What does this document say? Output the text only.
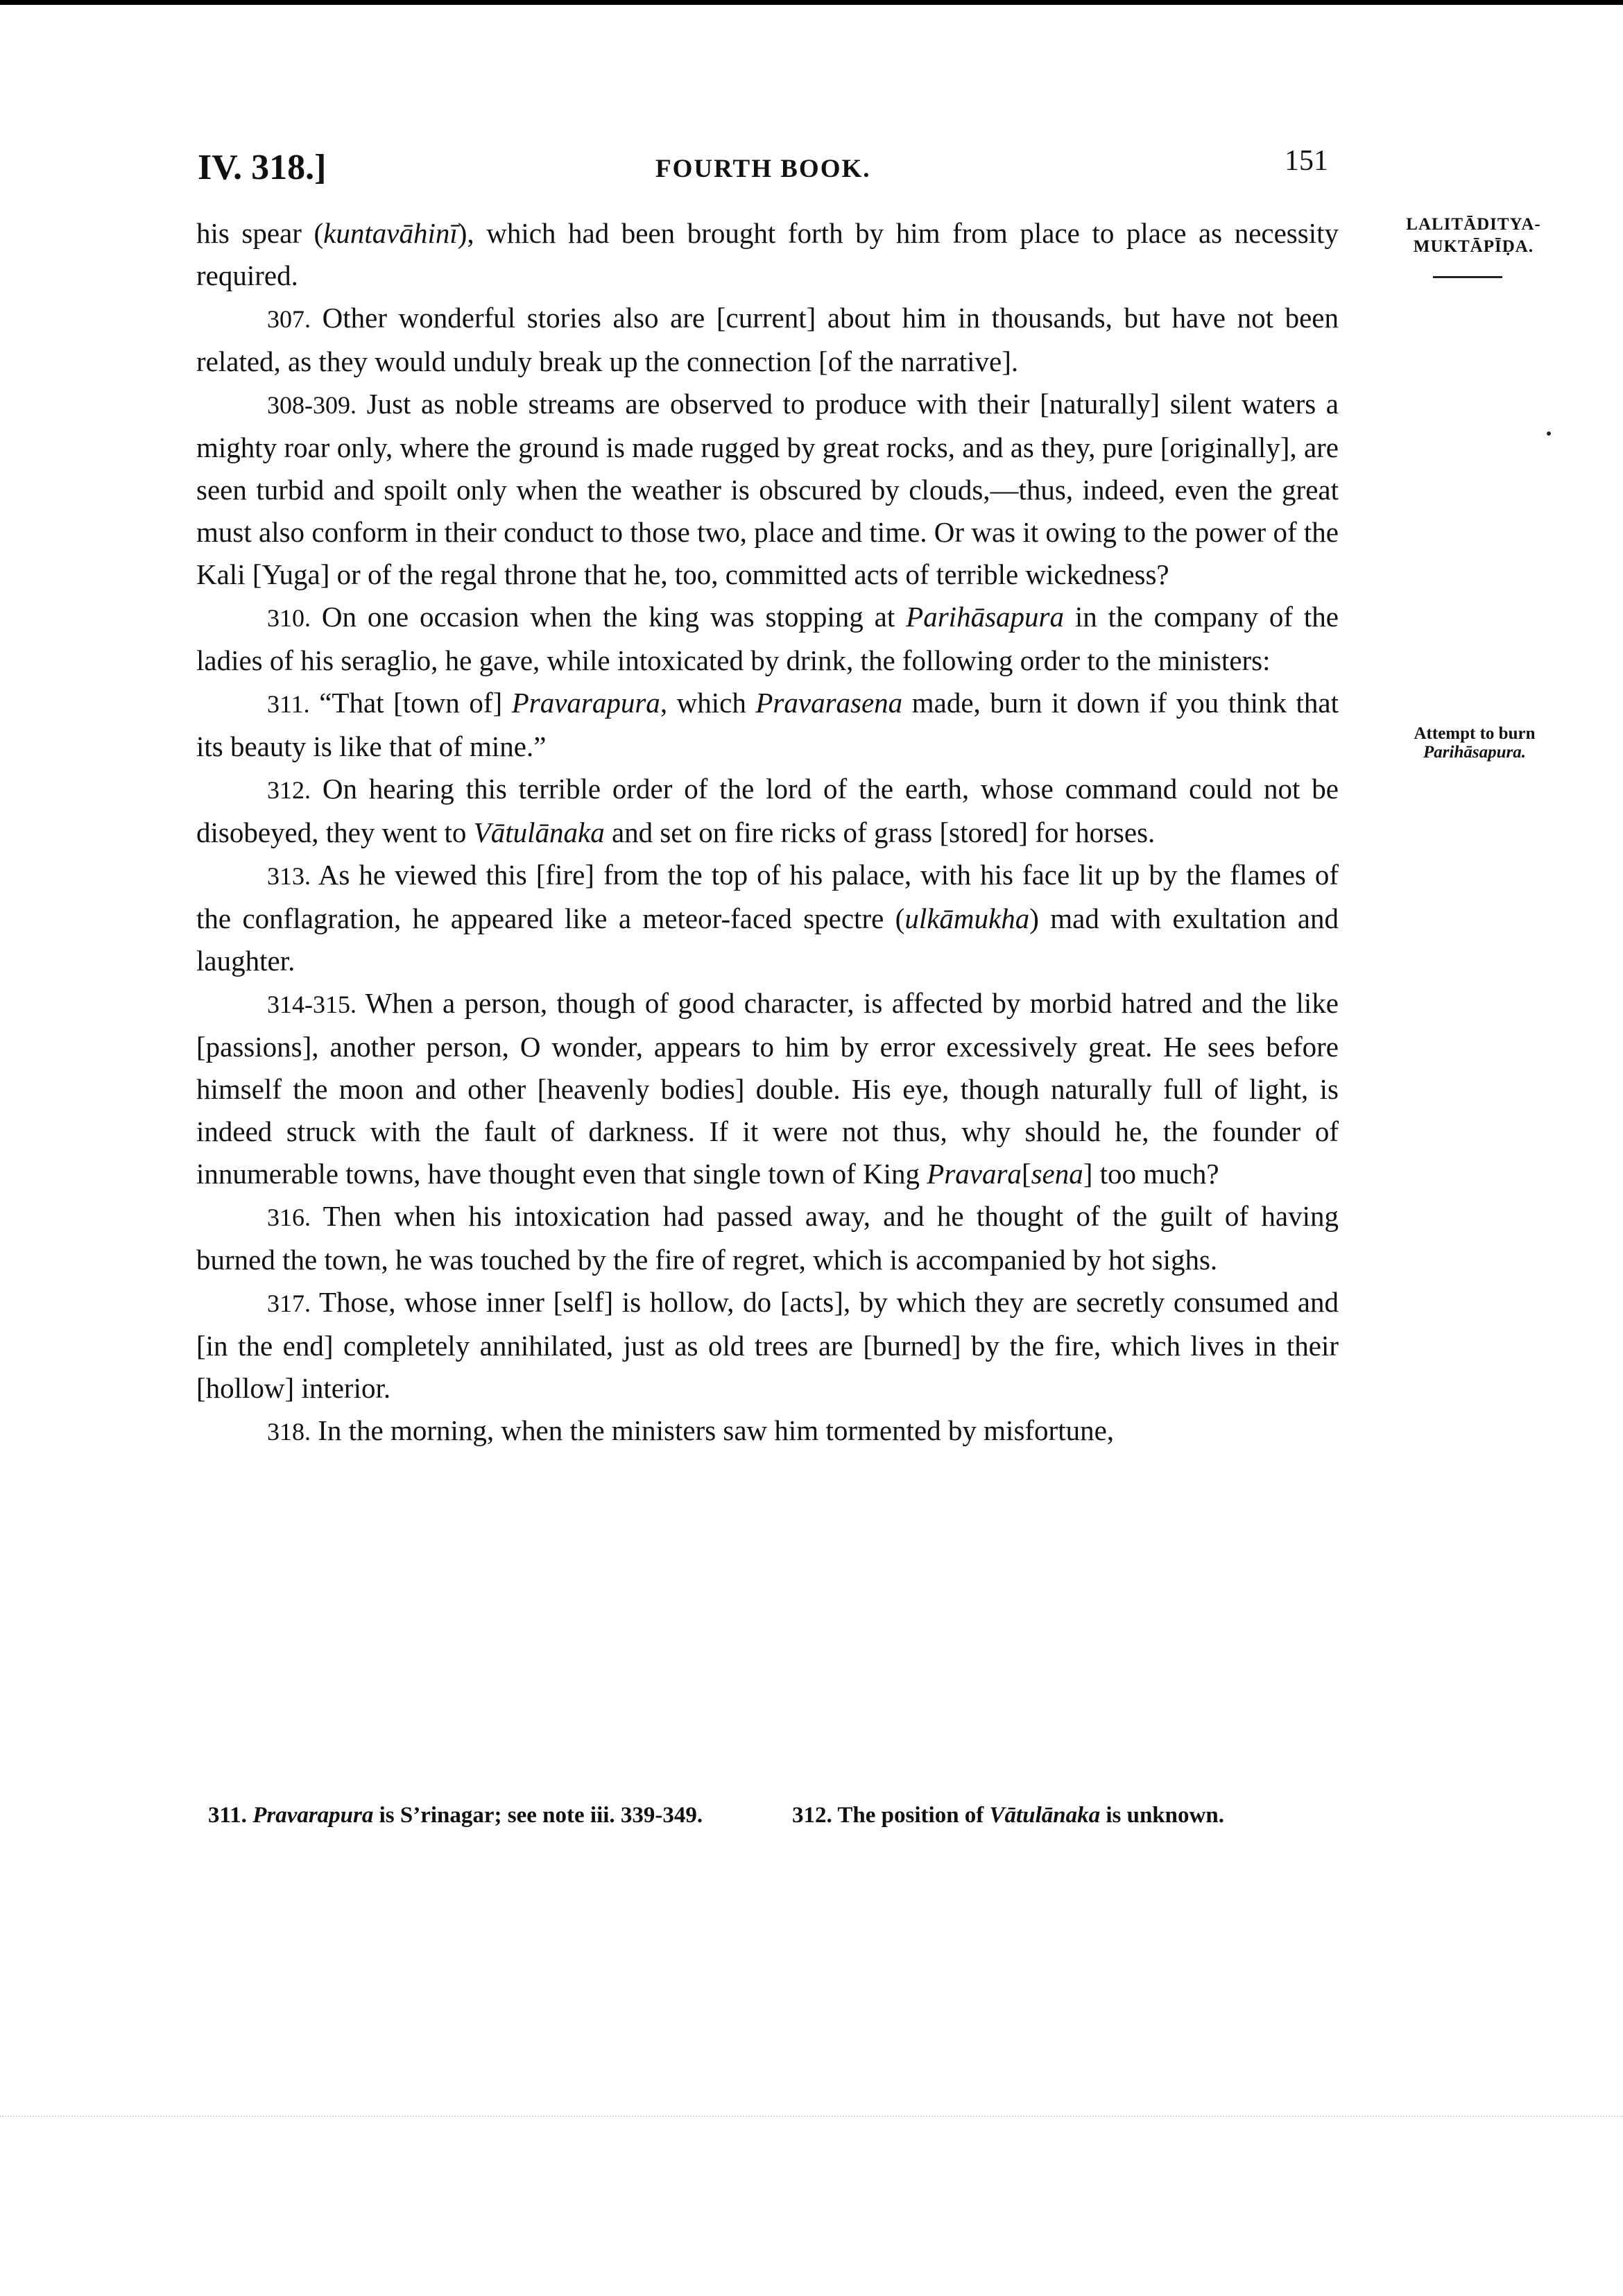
IV. 318.]	FOURTH BOOK.	151
LALITĀDITYA-
MUKTĀPĪḌA.
Attempt to burn
Parihāsapura.

his spear (kuntavāhinī), which had been brought forth by him from place to place as necessity required.

307. Other wonderful stories also are [current] about him in thousands, but have not been related, as they would unduly break up the connection [of the narrative].

308-309. Just as noble streams are observed to produce with their [naturally] silent waters a mighty roar only, where the ground is made rugged by great rocks, and as they, pure [originally], are seen turbid and spoilt only when the weather is obscured by clouds,—thus, indeed, even the great must also conform in their conduct to those two, place and time. Or was it owing to the power of the Kali [Yuga] or of the regal throne that he, too, committed acts of terrible wickedness?

310. On one occasion when the king was stopping at Parihāsapura in the company of the ladies of his seraglio, he gave, while intoxicated by drink, the following order to the ministers:

311. “That [town of] Pravarapura, which Pravarasena made, burn it down if you think that its beauty is like that of mine.”

312. On hearing this terrible order of the lord of the earth, whose command could not be disobeyed, they went to Vātulānaka and set on fire ricks of grass [stored] for horses.

313. As he viewed this [fire] from the top of his palace, with his face lit up by the flames of the conflagration, he appeared like a meteor-faced spectre (ulkāmukha) mad with exultation and laughter.

314-315. When a person, though of good character, is affected by morbid hatred and the like [passions], another person, O wonder, appears to him by error excessively great. He sees before himself the moon and other [heavenly bodies] double. His eye, though naturally full of light, is indeed struck with the fault of darkness. If it were not thus, why should he, the founder of innumerable towns, have thought even that single town of King Pravara[sena] too much?

316. Then when his intoxication had passed away, and he thought of the guilt of having burned the town, he was touched by the fire of regret, which is accompanied by hot sighs.

317. Those, whose inner [self] is hollow, do [acts], by which they are secretly consumed and [in the end] completely annihilated, just as old trees are [burned] by the fire, which lives in their [hollow] interior.

318. In the morning, when the ministers saw him tormented by misfortune,

311. Pravarapura is S’rinagar; see note iii. 339-349.	312. The position of Vātulānaka is unknown.
